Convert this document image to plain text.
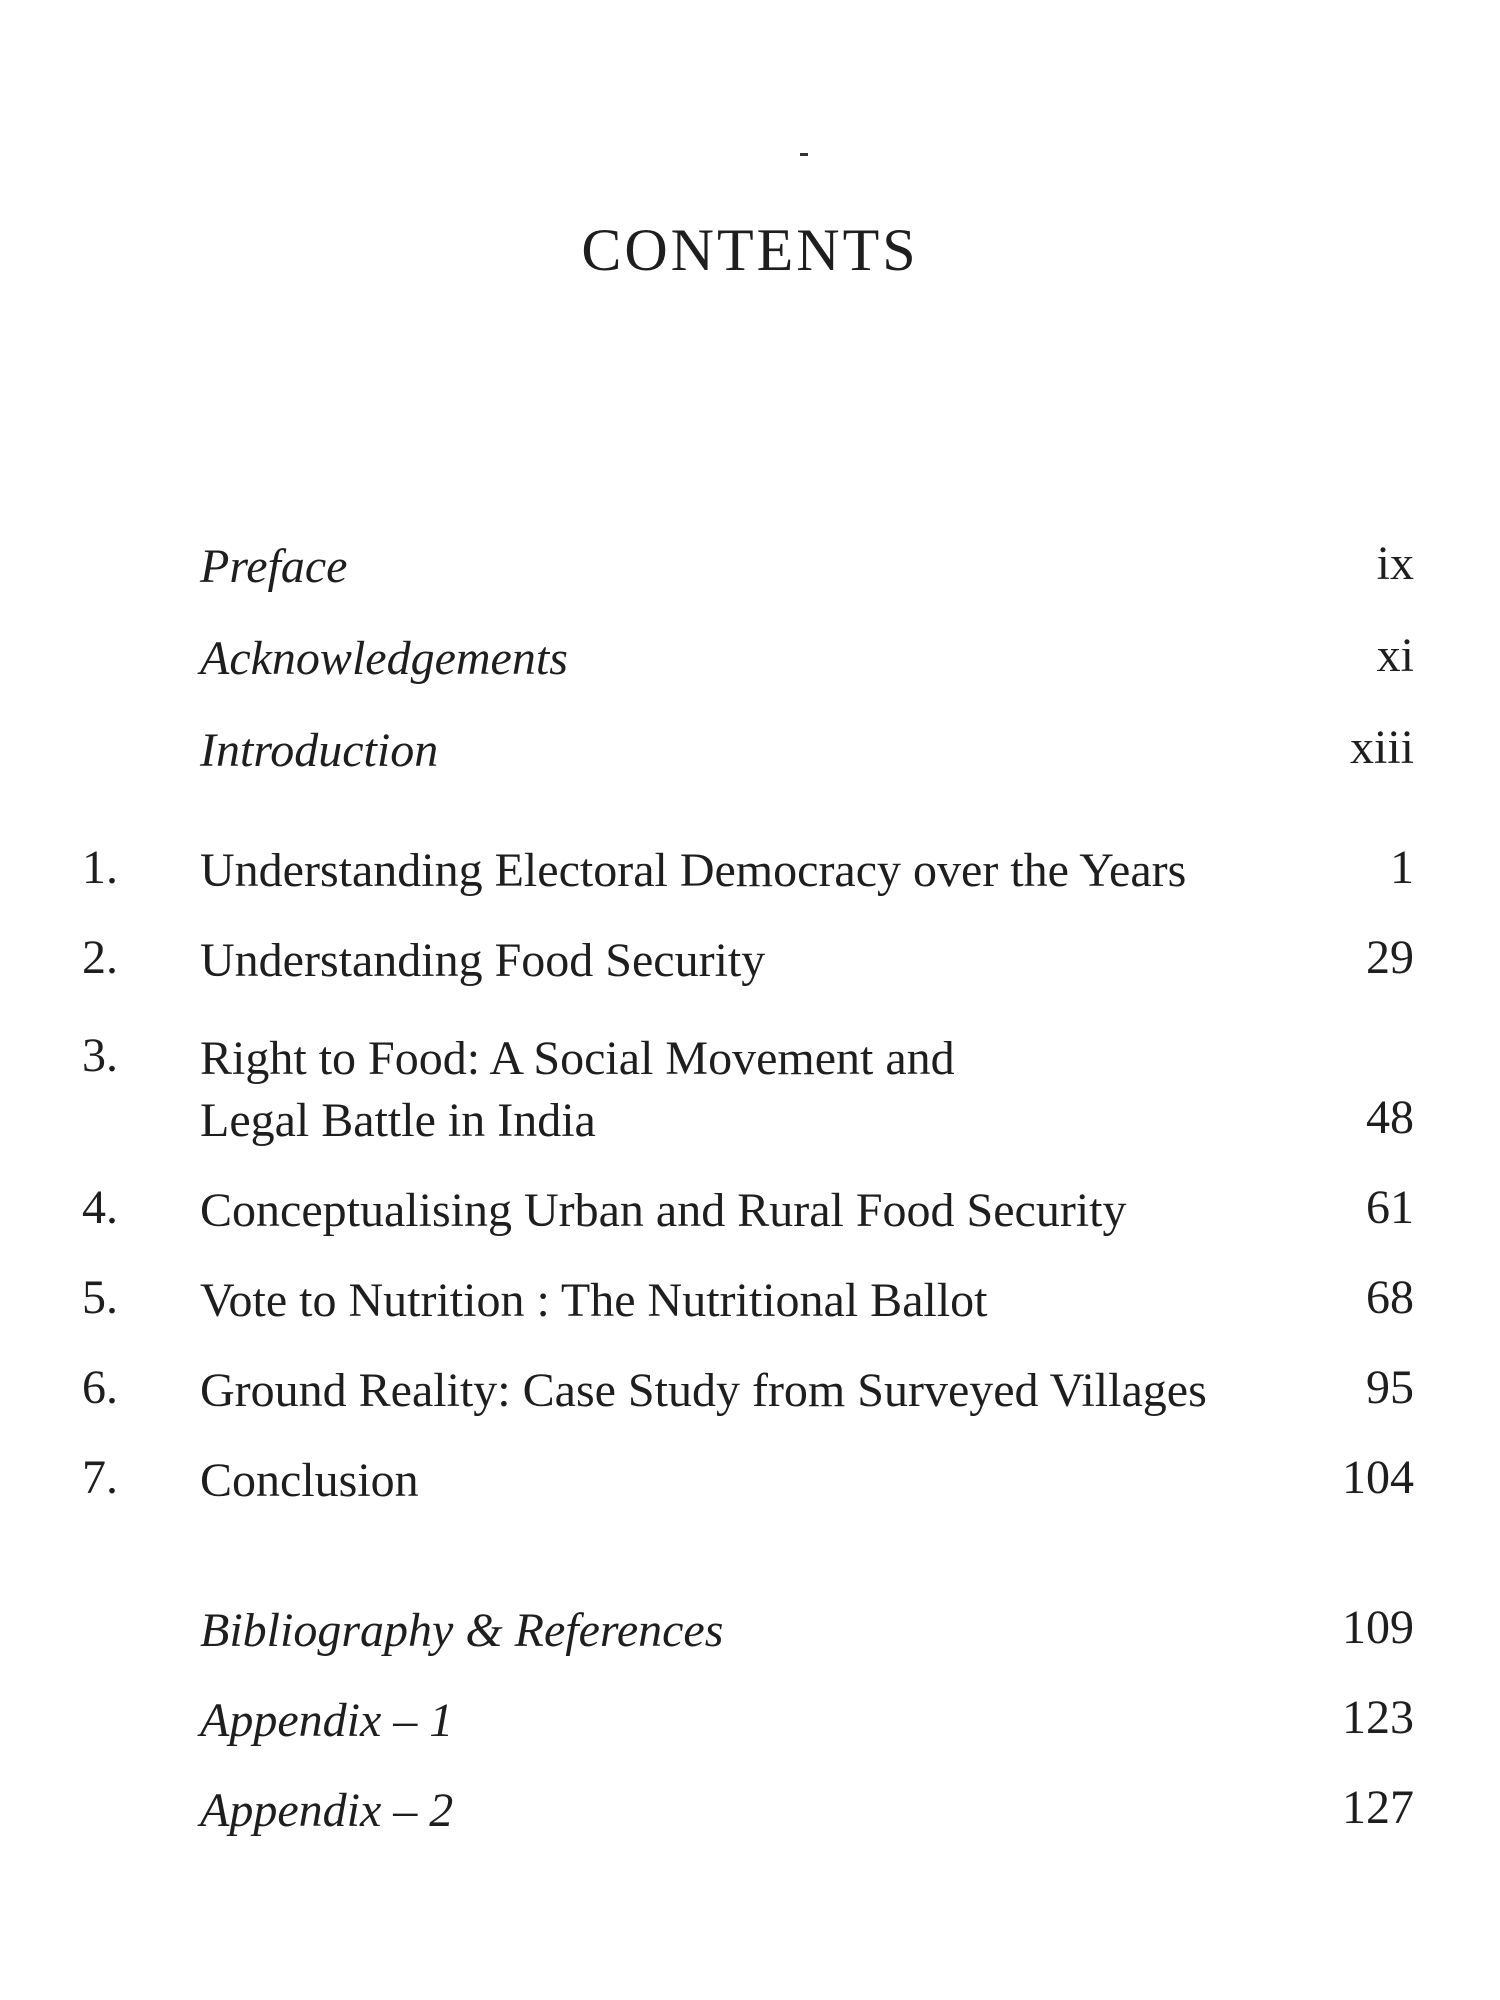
CONTENTS
Preface	ix
Acknowledgements	xi
Introduction	xiii
1. Understanding Electoral Democracy over the Years	1
2. Understanding Food Security	29
3. Right to Food: A Social Movement and
Legal Battle in India	48
4. Conceptualising Urban and Rural Food Security	61
5. Vote to Nutrition : The Nutritional Ballot	68
6. Ground Reality: Case Study from Surveyed Villages	95
7. Conclusion	104
Bibliography & References	109
Appendix – 1	123
Appendix – 2	127
